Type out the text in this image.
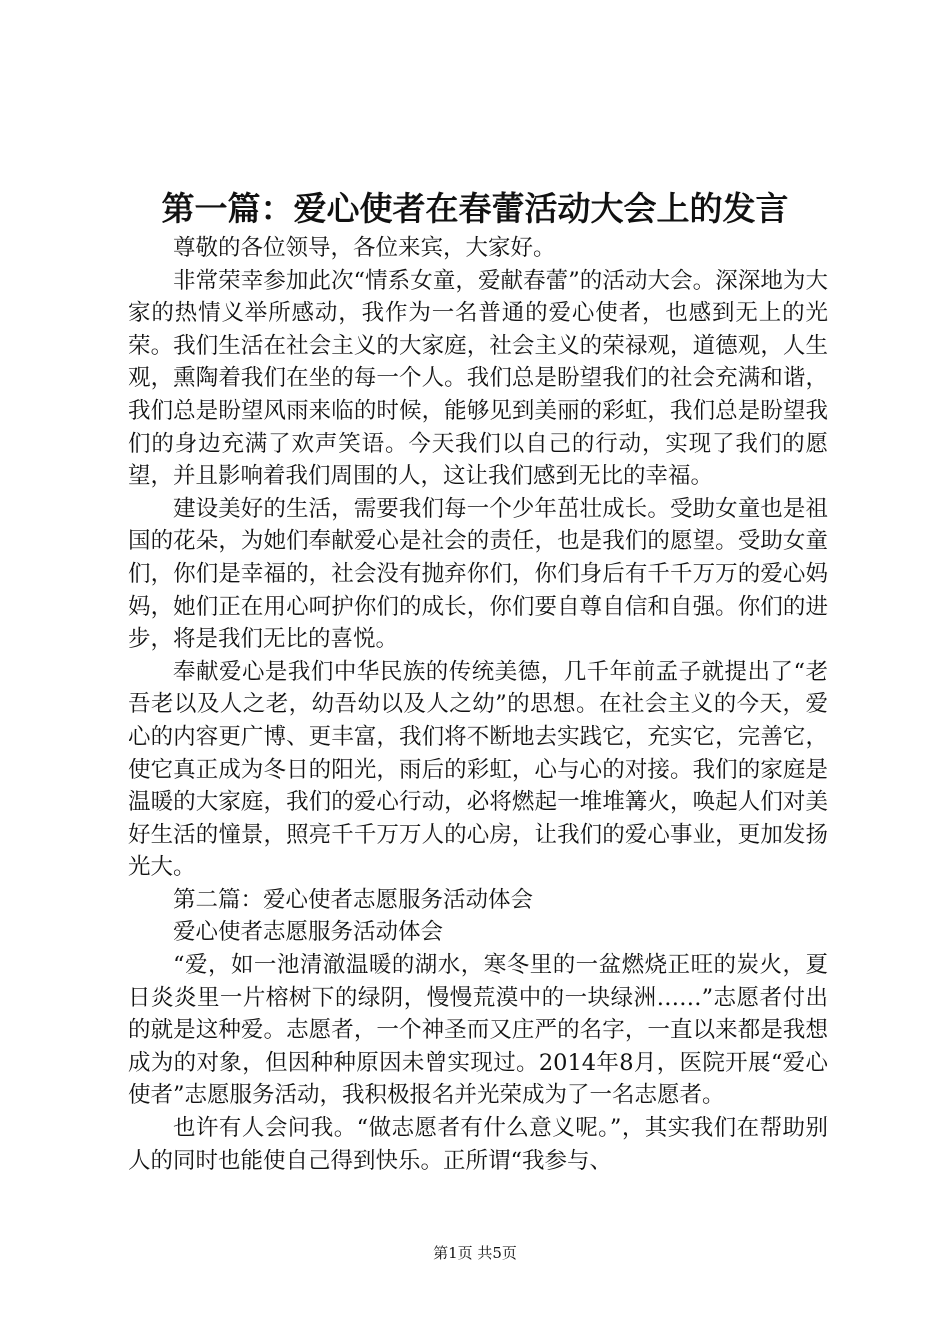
第一篇：爱心使者在春蕾活动大会上的发言

尊敬的各位领导，各位来宾，大家好。

非常荣幸参加此次“情系女童，爱献春蕾”的活动大会。深深地为大家的热情义举所感动，我作为一名普通的爱心使者，也感到无上的光荣。我们生活在社会主义的大家庭，社会主义的荣禄观，道德观，人生观，熏陶着我们在坐的每一个人。我们总是盼望我们的社会充满和谐，我们总是盼望风雨来临的时候，能够见到美丽的彩虹，我们总是盼望我们的身边充满了欢声笑语。今天我们以自己的行动，实现了我们的愿望，并且影响着我们周围的人，这让我们感到无比的幸福。

建设美好的生活，需要我们每一个少年茁壮成长。受助女童也是祖国的花朵，为她们奉献爱心是社会的责任，也是我们的愿望。受助女童们，你们是幸福的，社会没有抛弃你们，你们身后有千千万万的爱心妈妈，她们正在用心呵护你们的成长，你们要自尊自信和自强。你们的进步，将是我们无比的喜悦。

奉献爱心是我们中华民族的传统美德，几千年前孟子就提出了“老吾老以及人之老，幼吾幼以及人之幼”的思想。在社会主义的今天，爱心的内容更广博、更丰富，我们将不断地去实践它，充实它，完善它，使它真正成为冬日的阳光，雨后的彩虹，心与心的对接。我们的家庭是温暖的大家庭，我们的爱心行动，必将燃起一堆堆篝火，唤起人们对美好生活的憧景，照亮千千万万人的心房，让我们的爱心事业，更加发扬光大。

第二篇：爱心使者志愿服务活动体会

爱心使者志愿服务活动体会

“爱，如一池清澈温暖的湖水，寒冬里的一盆燃烧正旺的炭火，夏日炎炎里一片榕树下的绿阴，慢慢荒漠中的一块绿洲……”志愿者付出的就是这种爱。志愿者，一个神圣而又庄严的名字，一直以来都是我想成为的对象，但因种种原因未曾实现过。2014年8月，医院开展“爱心使者”志愿服务活动，我积极报名并光荣成为了一名志愿者。

也许有人会问我。“做志愿者有什么意义呢。”，其实我们在帮助别人的同时也能使自己得到快乐。正所谓“我参与、

第1页 共5页
